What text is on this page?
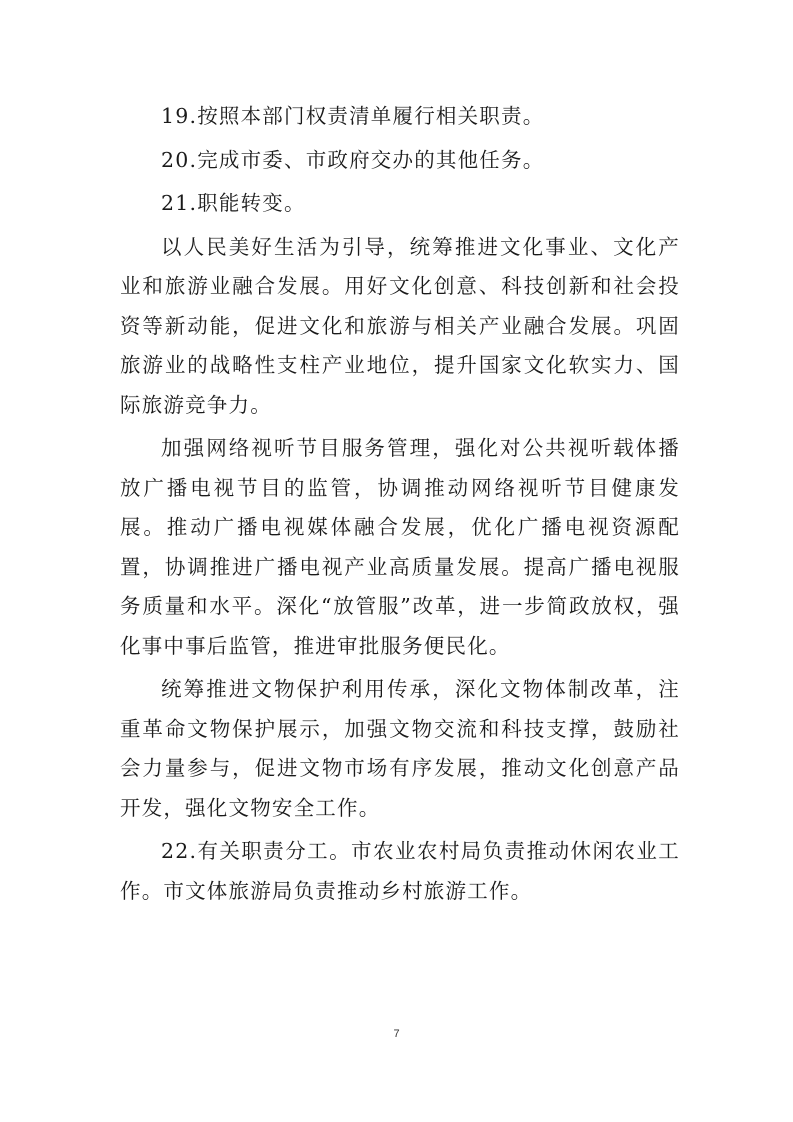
19.按照本部门权责清单履行相关职责。

20.完成市委、市政府交办的其他任务。

21.职能转变。

以人民美好生活为引导，统筹推进文化事业、文化产业和旅游业融合发展。用好文化创意、科技创新和社会投资等新动能，促进文化和旅游与相关产业融合发展。巩固旅游业的战略性支柱产业地位，提升国家文化软实力、国际旅游竞争力。

加强网络视听节目服务管理，强化对公共视听载体播放广播电视节目的监管，协调推动网络视听节目健康发展。推动广播电视媒体融合发展，优化广播电视资源配置，协调推进广播电视产业高质量发展。提高广播电视服务质量和水平。深化“放管服”改革，进一步简政放权，强化事中事后监管，推进审批服务便民化。

统筹推进文物保护利用传承，深化文物体制改革，注重革命文物保护展示，加强文物交流和科技支撑，鼓励社会力量参与，促进文物市场有序发展，推动文化创意产品开发，强化文物安全工作。

22.有关职责分工。市农业农村局负责推动休闲农业工作。市文体旅游局负责推动乡村旅游工作。

7
